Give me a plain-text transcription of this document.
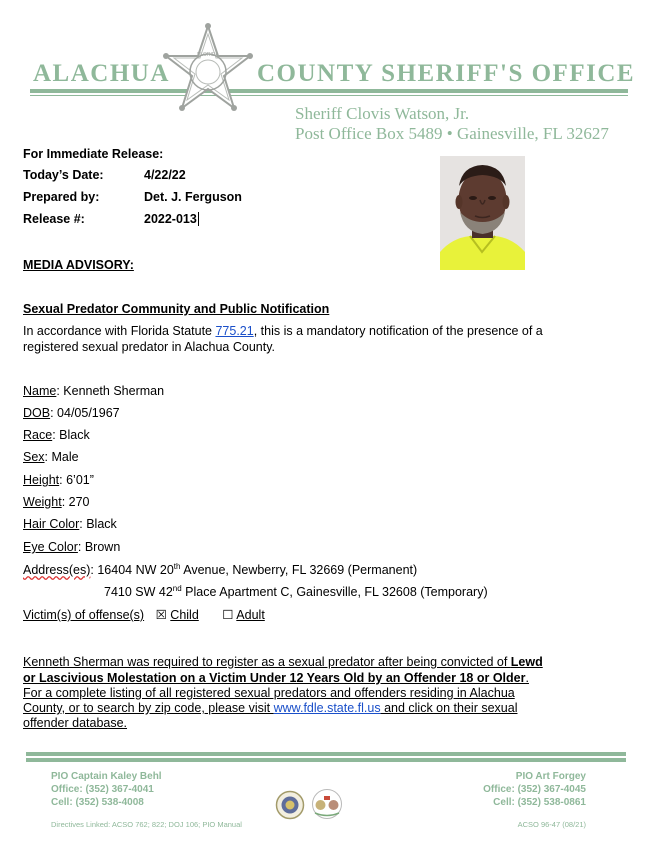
ALACHUA	COUNTY SHERIFF'S OFFICE
FLORIDA
Sheriff Clovis Watson, Jr.
Post Office Box 5489 • Gainesville, FL 32627
For Immediate Release:
Today’s Date:	4/22/22
Prepared by:	Det. J. Ferguson
Release #:	2022-013
MEDIA ADVISORY:
Sexual Predator Community and Public Notification
In accordance with Florida Statute 775.21, this is a mandatory notification of the presence of a
registered sexual predator in Alachua County.
Name: Kenneth Sherman
DOB: 04/05/1967
Race: Black
Sex: Male
Height: 6’01”
Weight: 270
Hair Color: Black
Eye Color: Brown
Address(es): 16404 NW 20th Avenue, Newberry, FL 32669 (Permanent)
7410 SW 42nd Place Apartment C, Gainesville, FL 32608 (Temporary)
Victim(s) of offense(s) ☒ Child ☐ Adult
Kenneth Sherman was required to register as a sexual predator after being convicted of Lewd
or Lascivious Molestation on a Victim Under 12 Years Old by an Offender 18 or Older.
For a complete listing of all registered sexual predators and offenders residing in Alachua
County, or to search by zip code, please visit www.fdle.state.fl.us and click on their sexual
offender database.
PIO Captain Kaley Behl
Office: (352) 367-4041
Cell: (352) 538-4008
PIO Art Forgey
Office: (352) 367-4045
Cell: (352) 538-0861
Directives Linked: ACSO 762; 822; DOJ 106; PIO Manual	ACSO 96-47 (08/21)
